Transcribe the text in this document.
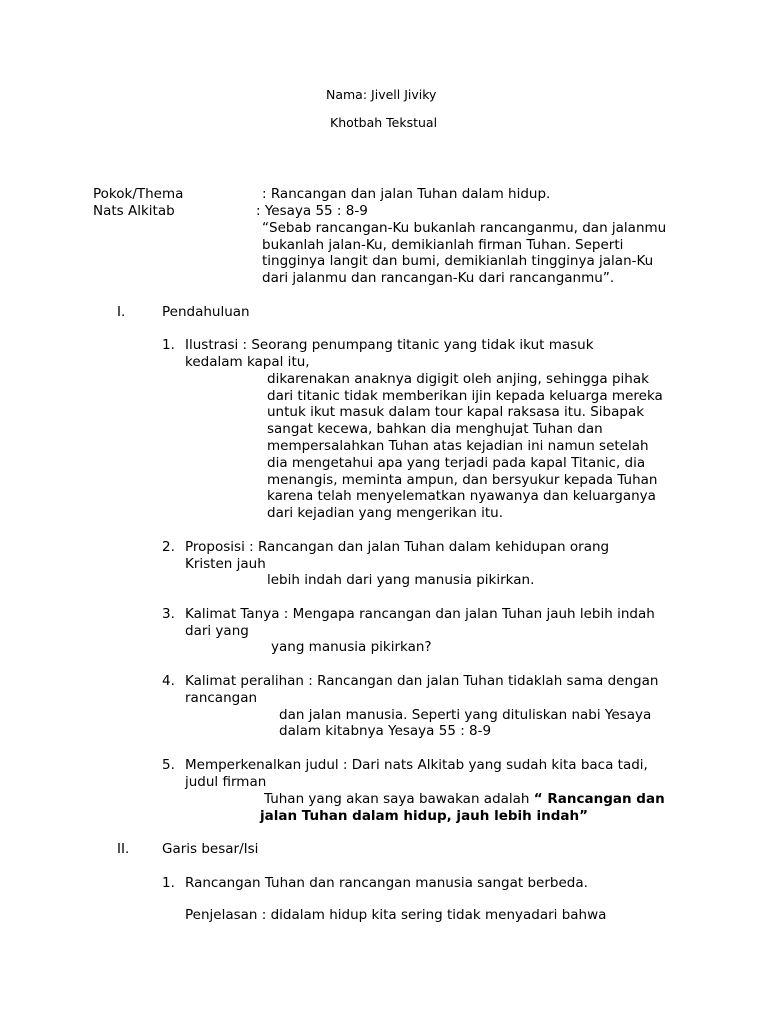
Nama: Jivell Jiviky
Khotbah Tekstual
Pokok/Thema	: Rancangan dan jalan Tuhan dalam hidup.
Nats Alkitab	: Yesaya 55 : 8-9
“Sebab rancangan-Ku bukanlah rancanganmu, dan jalanmu
bukanlah jalan-Ku, demikianlah firman Tuhan. Seperti
tingginya langit dan bumi, demikianlah tingginya jalan-Ku
dari jalanmu dan rancangan-Ku dari rancanganmu”.
I.	Pendahuluan
1. Ilustrasi : Seorang penumpang titanic yang tidak ikut masuk
kedalam kapal itu,
dikarenakan anaknya digigit oleh anjing, sehingga pihak
dari titanic tidak memberikan ijin kepada keluarga mereka
untuk ikut masuk dalam tour kapal raksasa itu. Sibapak
sangat kecewa, bahkan dia menghujat Tuhan dan
mempersalahkan Tuhan atas kejadian ini namun setelah
dia mengetahui apa yang terjadi pada kapal Titanic, dia
menangis, meminta ampun, dan bersyukur kepada Tuhan
karena telah menyelematkan nyawanya dan keluarganya
dari kejadian yang mengerikan itu.
2. Proposisi : Rancangan dan jalan Tuhan dalam kehidupan orang
Kristen jauh
lebih indah dari yang manusia pikirkan.
3. Kalimat Tanya : Mengapa rancangan dan jalan Tuhan jauh lebih indah
dari yang
yang manusia pikirkan?
4. Kalimat peralihan : Rancangan dan jalan Tuhan tidaklah sama dengan
rancangan
dan jalan manusia. Seperti yang dituliskan nabi Yesaya
dalam kitabnya Yesaya 55 : 8-9
5. Memperkenalkan judul : Dari nats Alkitab yang sudah kita baca tadi,
judul firman
Tuhan yang akan saya bawakan adalah “ Rancangan dan
jalan Tuhan dalam hidup, jauh lebih indah”
II. Garis besar/Isi
1. Rancangan Tuhan dan rancangan manusia sangat berbeda.
Penjelasan : didalam hidup kita sering tidak menyadari bahwa
